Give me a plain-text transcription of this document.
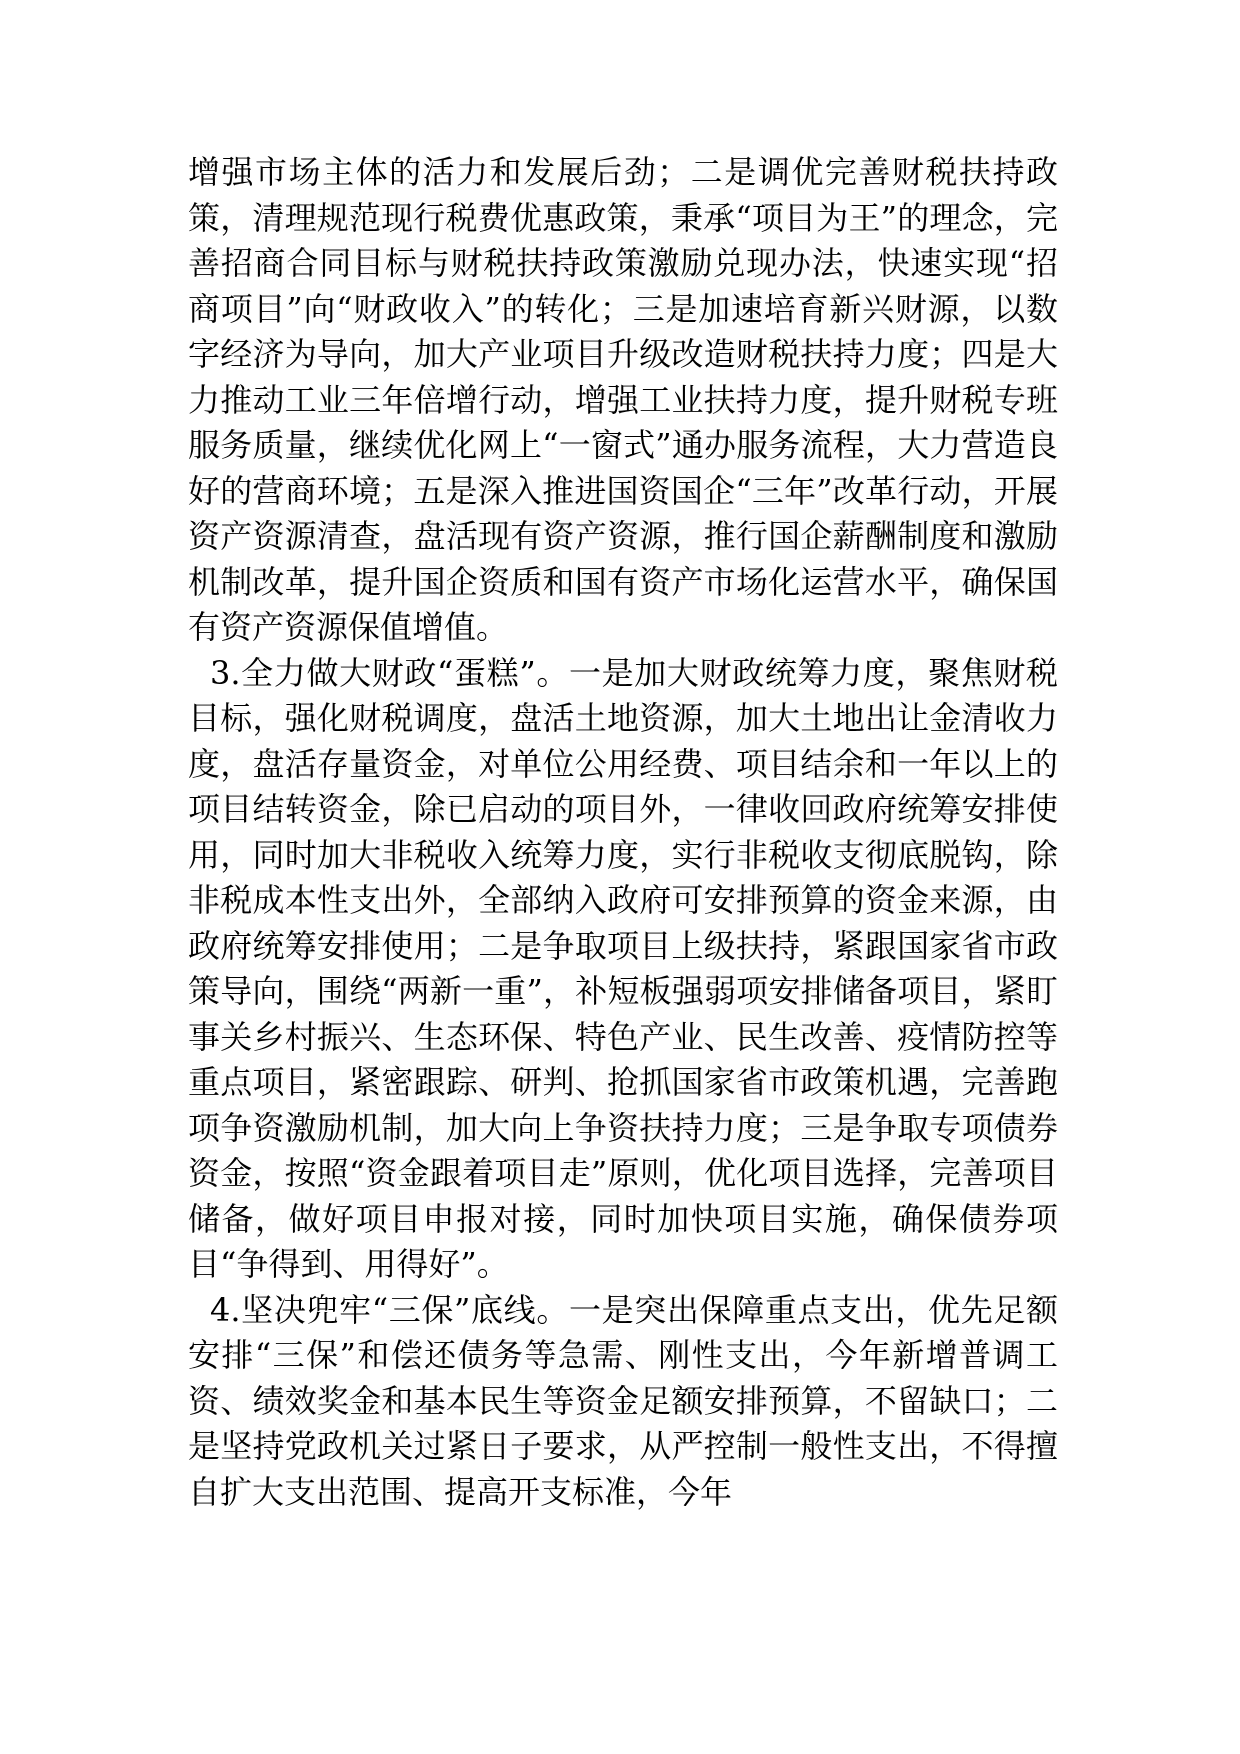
增强市场主体的活力和发展后劲；二是调优完善财税扶持政策，清理规范现行税费优惠政策，秉承“项目为王”的理念，完善招商合同目标与财税扶持政策激励兑现办法，快速实现“招商项目”向“财政收入”的转化；三是加速培育新兴财源，以数字经济为导向，加大产业项目升级改造财税扶持力度；四是大力推动工业三年倍增行动，增强工业扶持力度，提升财税专班服务质量，继续优化网上“一窗式”通办服务流程，大力营造良好的营商环境；五是深入推进国资国企“三年”改革行动，开展资产资源清查，盘活现有资产资源，推行国企薪酬制度和激励机制改革，提升国企资质和国有资产市场化运营水平，确保国有资产资源保值增值。

3.全力做大财政“蛋糕”。一是加大财政统筹力度，聚焦财税目标，强化财税调度，盘活土地资源，加大土地出让金清收力度，盘活存量资金，对单位公用经费、项目结余和一年以上的项目结转资金，除已启动的项目外，一律收回政府统筹安排使用，同时加大非税收入统筹力度，实行非税收支彻底脱钩，除非税成本性支出外，全部纳入政府可安排预算的资金来源，由政府统筹安排使用；二是争取项目上级扶持，紧跟国家省市政策导向，围绕“两新一重”，补短板强弱项安排储备项目，紧盯事关乡村振兴、生态环保、特色产业、民生改善、疫情防控等重点项目，紧密跟踪、研判、抢抓国家省市政策机遇，完善跑项争资激励机制，加大向上争资扶持力度；三是争取专项债券资金，按照“资金跟着项目走”原则，优化项目选择，完善项目储备，做好项目申报对接，同时加快项目实施，确保债券项目“争得到、用得好”。

4.坚决兜牢“三保”底线。一是突出保障重点支出，优先足额安排“三保”和偿还债务等急需、刚性支出，今年新增普调工资、绩效奖金和基本民生等资金足额安排预算，不留缺口；二是坚持党政机关过紧日子要求，从严控制一般性支出，不得擅自扩大支出范围、提高开支标准，今年
